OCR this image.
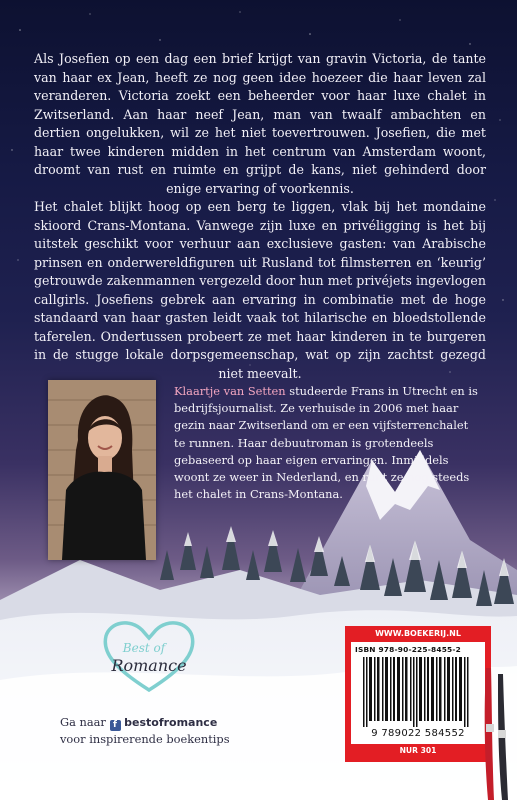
Als Josefien op een dag een brief krijgt van gravin Victoria, de tante van haar ex Jean, heeft ze nog geen idee hoezeer die haar leven zal veranderen. Victoria zoekt een beheerder voor haar luxe chalet in Zwitserland. Aan haar neef Jean, man van twaalf ambachten en dertien ongelukken, wil ze het niet toevertrouwen. Josefien, die met haar twee kinderen midden in het centrum van Amsterdam woont, droomt van rust en ruimte en grijpt de kans, niet gehinderd door enige ervaring of voorkennis.
Het chalet blijkt hoog op een berg te liggen, vlak bij het mondaine skioord Crans-Montana. Vanwege zijn luxe en privéligging is het bij uitstek geschikt voor verhuur aan exclusieve gasten: van Arabische prinsen en onderwereldfiguren uit Rusland tot filmsterren en ‘keurig’ getrouwde zakenmannen vergezeld door hun met privéjets ingevlogen callgirls. Josefiens gebrek aan ervaring in combinatie met de hoge standaard van haar gasten leidt vaak tot hilarische en bloedstollende taferelen. Ondertussen probeert ze met haar kinderen in te burgeren in de stugge lokale dorpsgemeenschap, wat op zijn zachtst gezegd niet meevalt.
Klaartje van Setten studeerde Frans in Utrecht en is bedrijfsjournalist. Ze verhuisde in 2006 met haar gezin naar Zwitserland om er een vijfsterrenchalet te runnen. Haar debuutroman is grotendeels gebaseerd op haar eigen ervaringen. Inmiddels woont ze weer in Nederland, en runt ze nog steeds het chalet in Crans-Montana.
Best of
Romance
Ga naar f bestofromance
voor inspirerende boekentips
WWW.BOEKERIJ.NL
ISBN 978-90-225-8455-2
9 789022 584552
NUR 301
